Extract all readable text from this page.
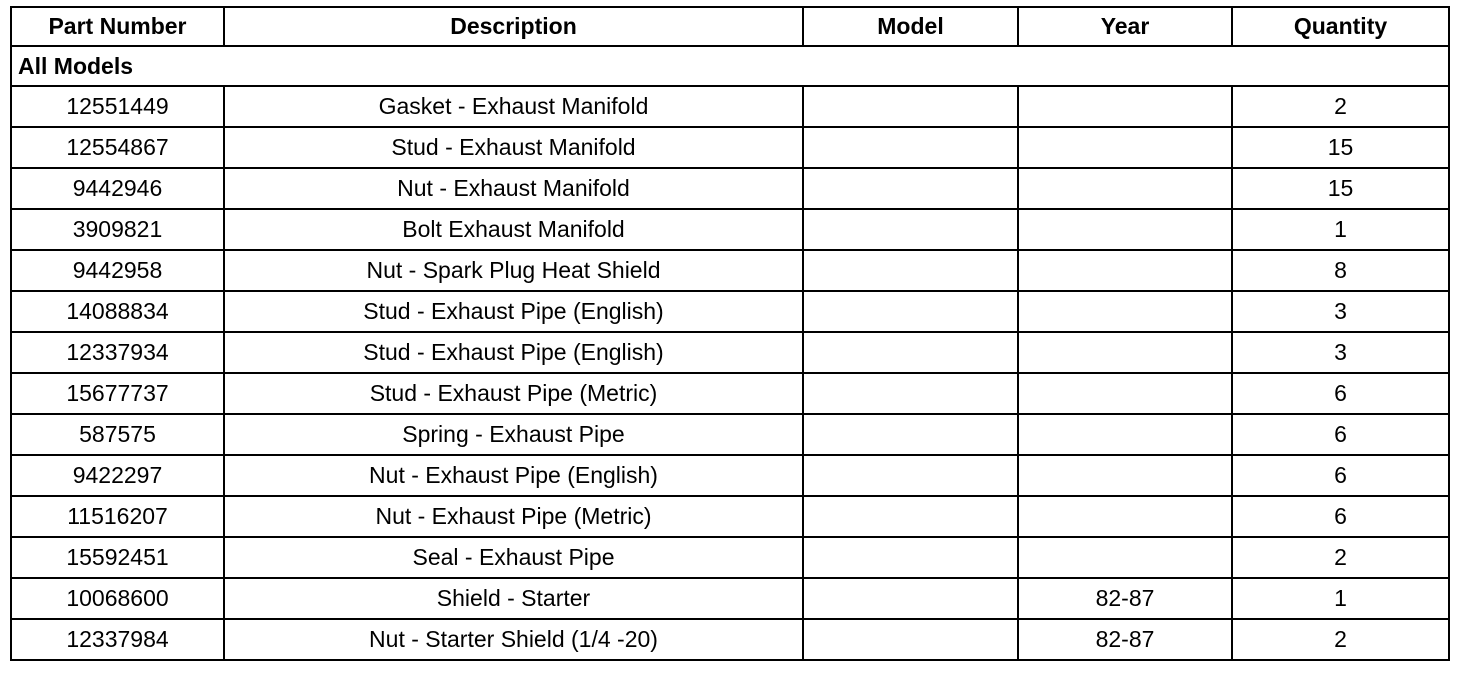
Part Number	Description	Model	Year	Quantity
All Models				
12551449	Gasket - Exhaust Manifold			2
12554867	Stud - Exhaust Manifold			15
9442946	Nut - Exhaust Manifold			15
3909821	Bolt Exhaust Manifold			1
9442958	Nut - Spark Plug Heat Shield			8
14088834	Stud - Exhaust Pipe (English)			3
12337934	Stud - Exhaust Pipe (English)			3
15677737	Stud - Exhaust Pipe (Metric)			6
587575	Spring - Exhaust Pipe			6
9422297	Nut - Exhaust Pipe (English)			6
11516207	Nut - Exhaust Pipe (Metric)			6
15592451	Seal - Exhaust Pipe			2
10068600	Shield - Starter		82-87	1
12337984	Nut - Starter Shield (1/4 -20)		82-87	2
